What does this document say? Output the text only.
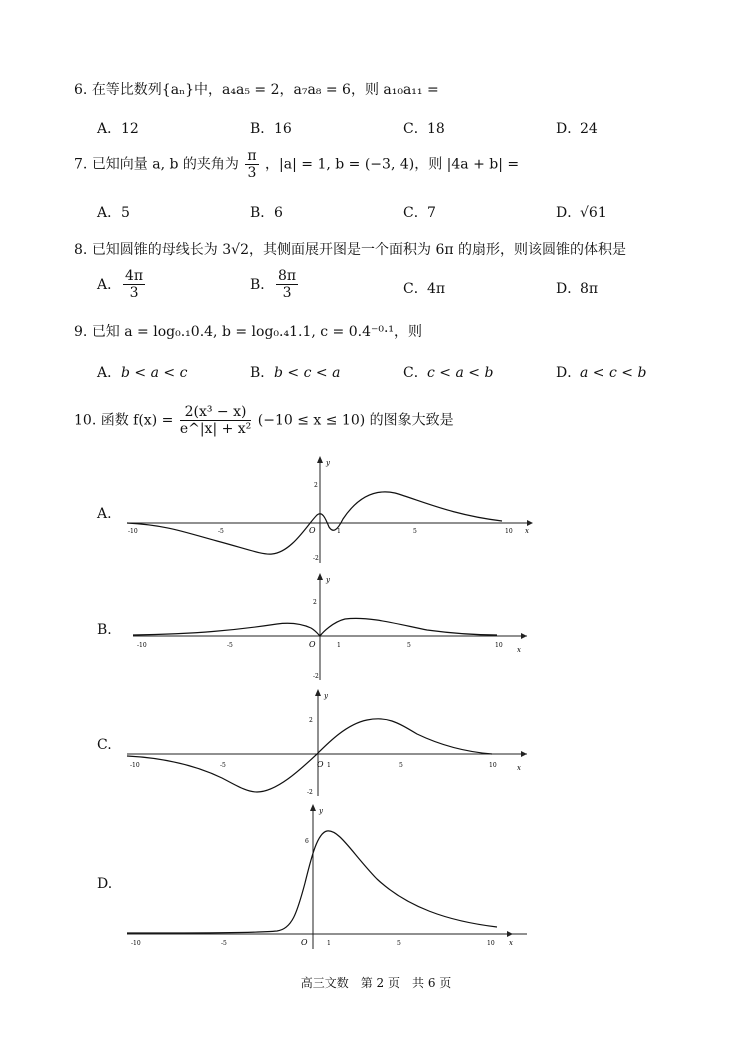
6. 在等比数列{aₙ}中，a₄a₅ = 2，a₇a₈ = 6，则 a₁₀a₁₁ =
A．12	B．16	C．18	D．24
7. 已知向量 a, b 的夹角为 $\frac{\pi}{3}$ ，|a| = 1, b = (−3, 4)，则 |4a + b| =
A．5	B．6	C．7	D．√61
8. 已知圆锥的母线长为 3√2，其侧面展开图是一个面积为 6π 的扇形，则该圆锥的体积是
A． $\frac{4\pi}{3}$	B． $\frac{8\pi}{3}$	C．4π	D．8π
9. 已知 a = log₀.₁0.4, b = log₀.₄1.1, c = 0.4⁻⁰·¹，则
A．b < a < c	B．b < c < a	C．c < a < b	D．a < c < b
10. 函数 $f(x) = \frac{\text{2(x³ − x)}}{\text{e\textasciicircum{}|x| + x²}} (-10 \le x \le 10)$ 的图象大致是
A.
-10	-5	O	1	5	10 x
y
2
-2
B.
-10	-5	O	1	5	10
x
y
2
-2
C.
-10	-5	O 1	5	10	x
y
2
-2
D.
-10	-5	O	1	5	10 x
y
6
高三文数　第 2 页　共 6 页
